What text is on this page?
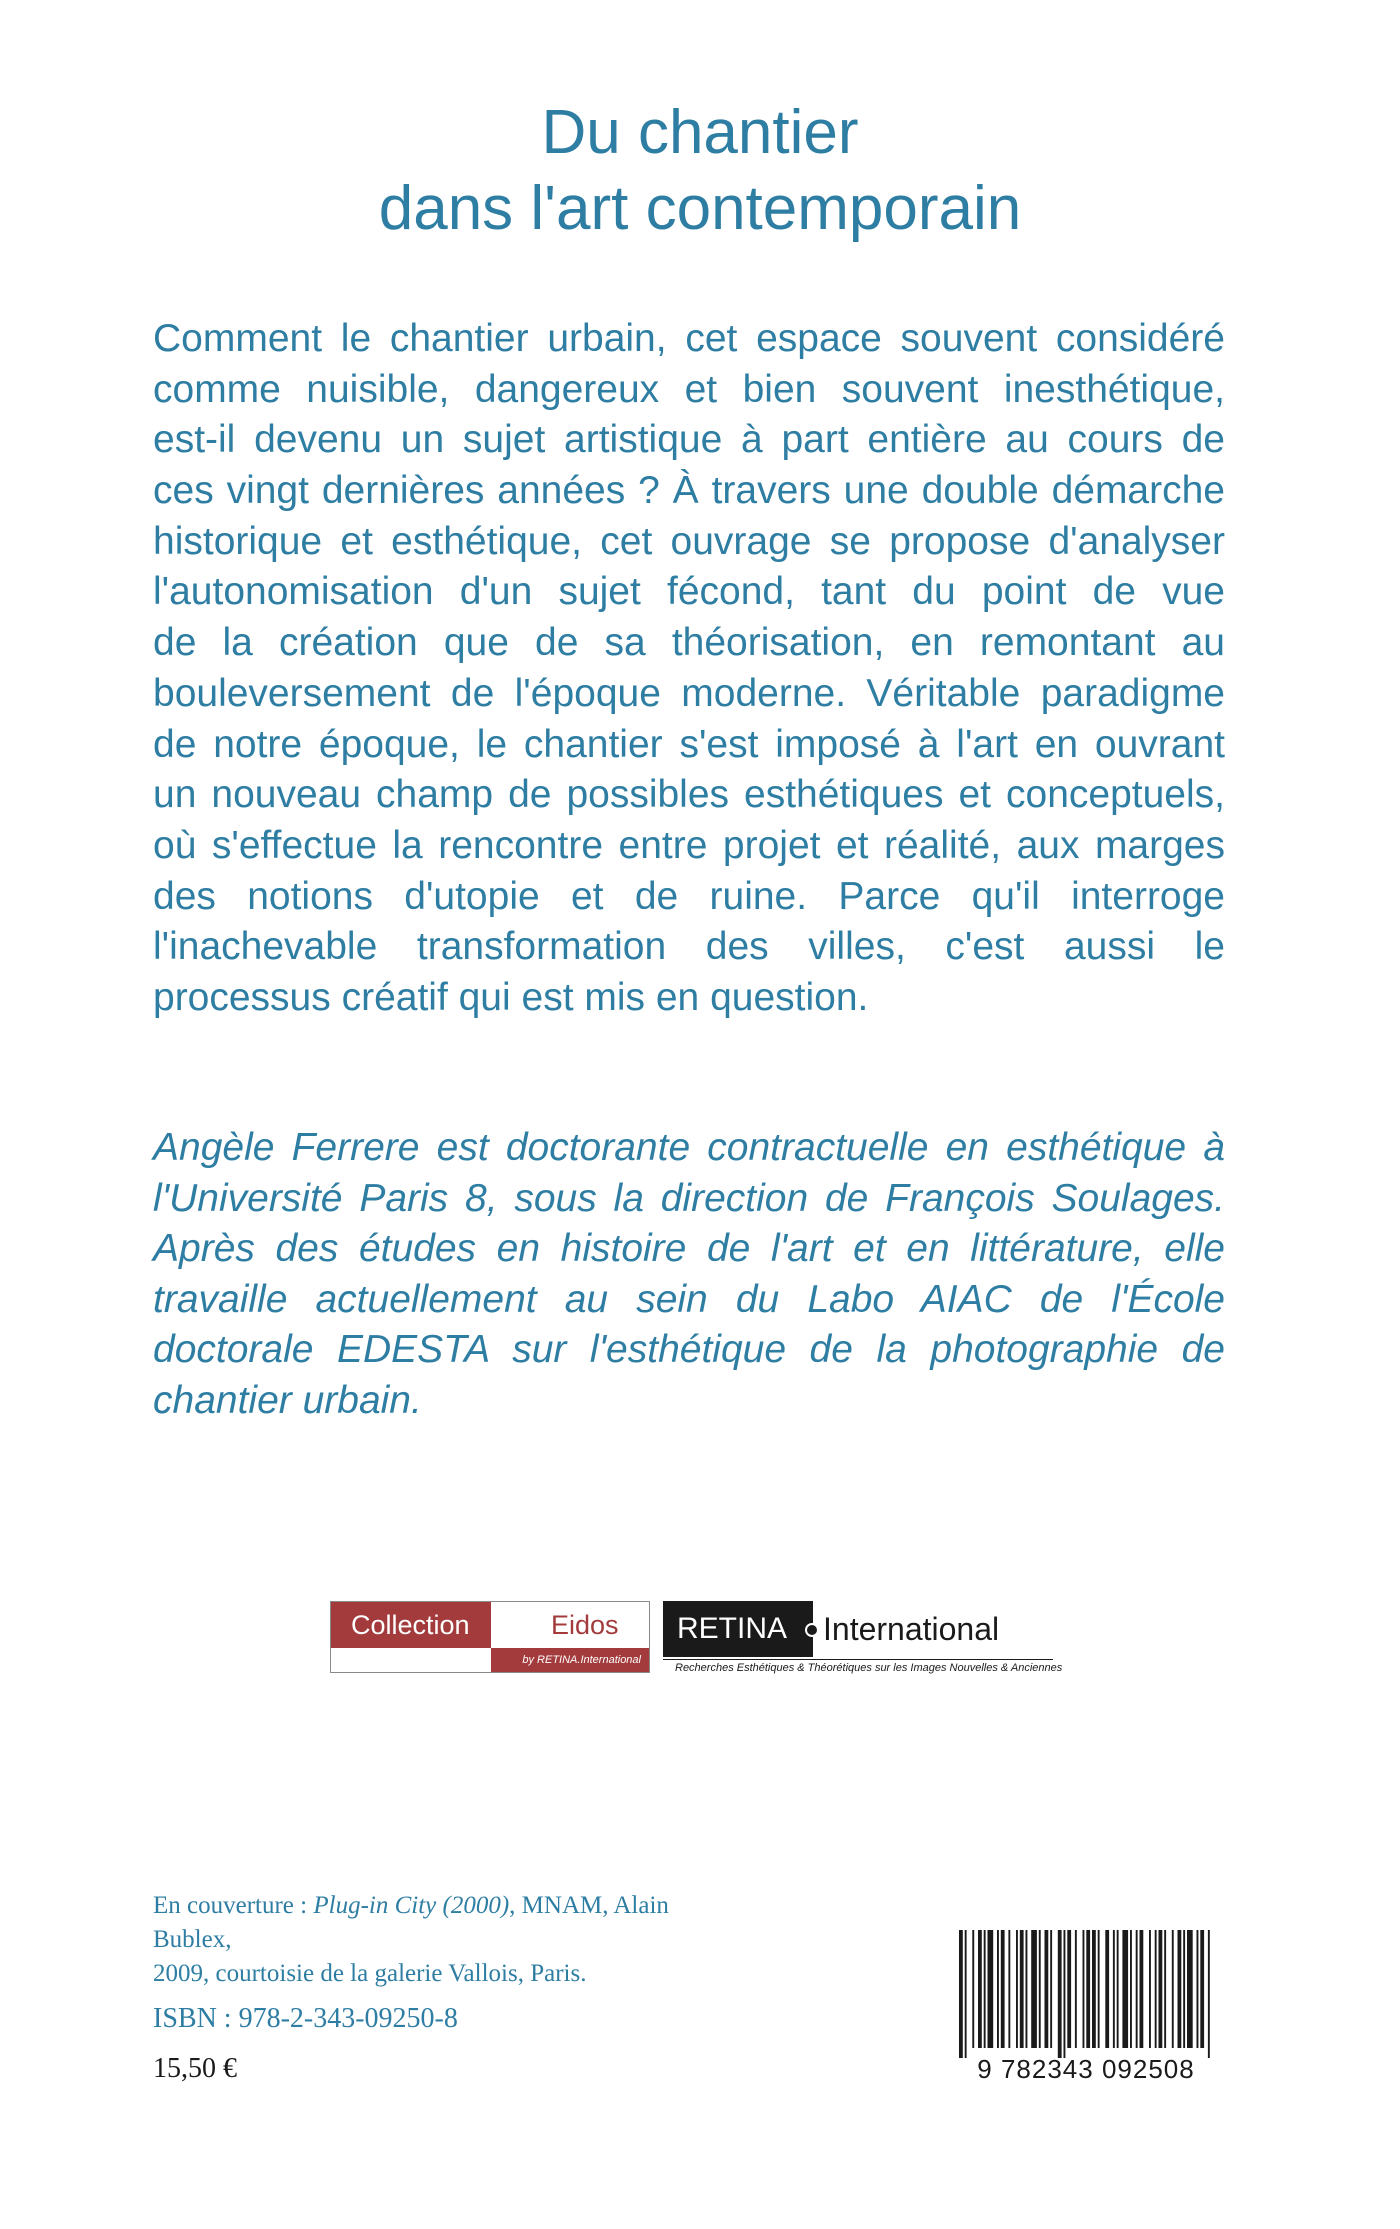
Du chantier
dans l'art contemporain
Comment le chantier urbain, cet espace souvent considéré
comme nuisible, dangereux et bien souvent inesthétique,
est-il devenu un sujet artistique à part entière au cours de
ces vingt dernières années ? À travers une double démarche
historique et esthétique, cet ouvrage se propose d'analyser
l'autonomisation d'un sujet fécond, tant du point de vue
de la création que de sa théorisation, en remontant au
bouleversement de l'époque moderne. Véritable paradigme
de notre époque, le chantier s'est imposé à l'art en ouvrant
un nouveau champ de possibles esthétiques et conceptuels,
où s'effectue la rencontre entre projet et réalité, aux marges
des notions d'utopie et de ruine. Parce qu'il interroge
l'inachevable transformation des villes, c'est aussi le
processus créatif qui est mis en question.
Angèle Ferrere est doctorante contractuelle en esthétique à
l'Université Paris 8, sous la direction de François Soulages.
Après des études en histoire de l'art et en littérature, elle
travaille actuellement au sein du Labo AIAC de l'École
doctorale EDESTA sur l'esthétique de la photographie de
chantier urbain.
Collection	Eidos
by RETINA.International
RETINA	International
Recherches Esthétiques & Théorétiques sur les Images Nouvelles & Anciennes
En couverture : Plug-in City (2000), MNAM, Alain Bublex,
2009, courtoisie de la galerie Vallois, Paris.
ISBN : 978-2-343-09250-8
15,50 €	9 782343 092508
